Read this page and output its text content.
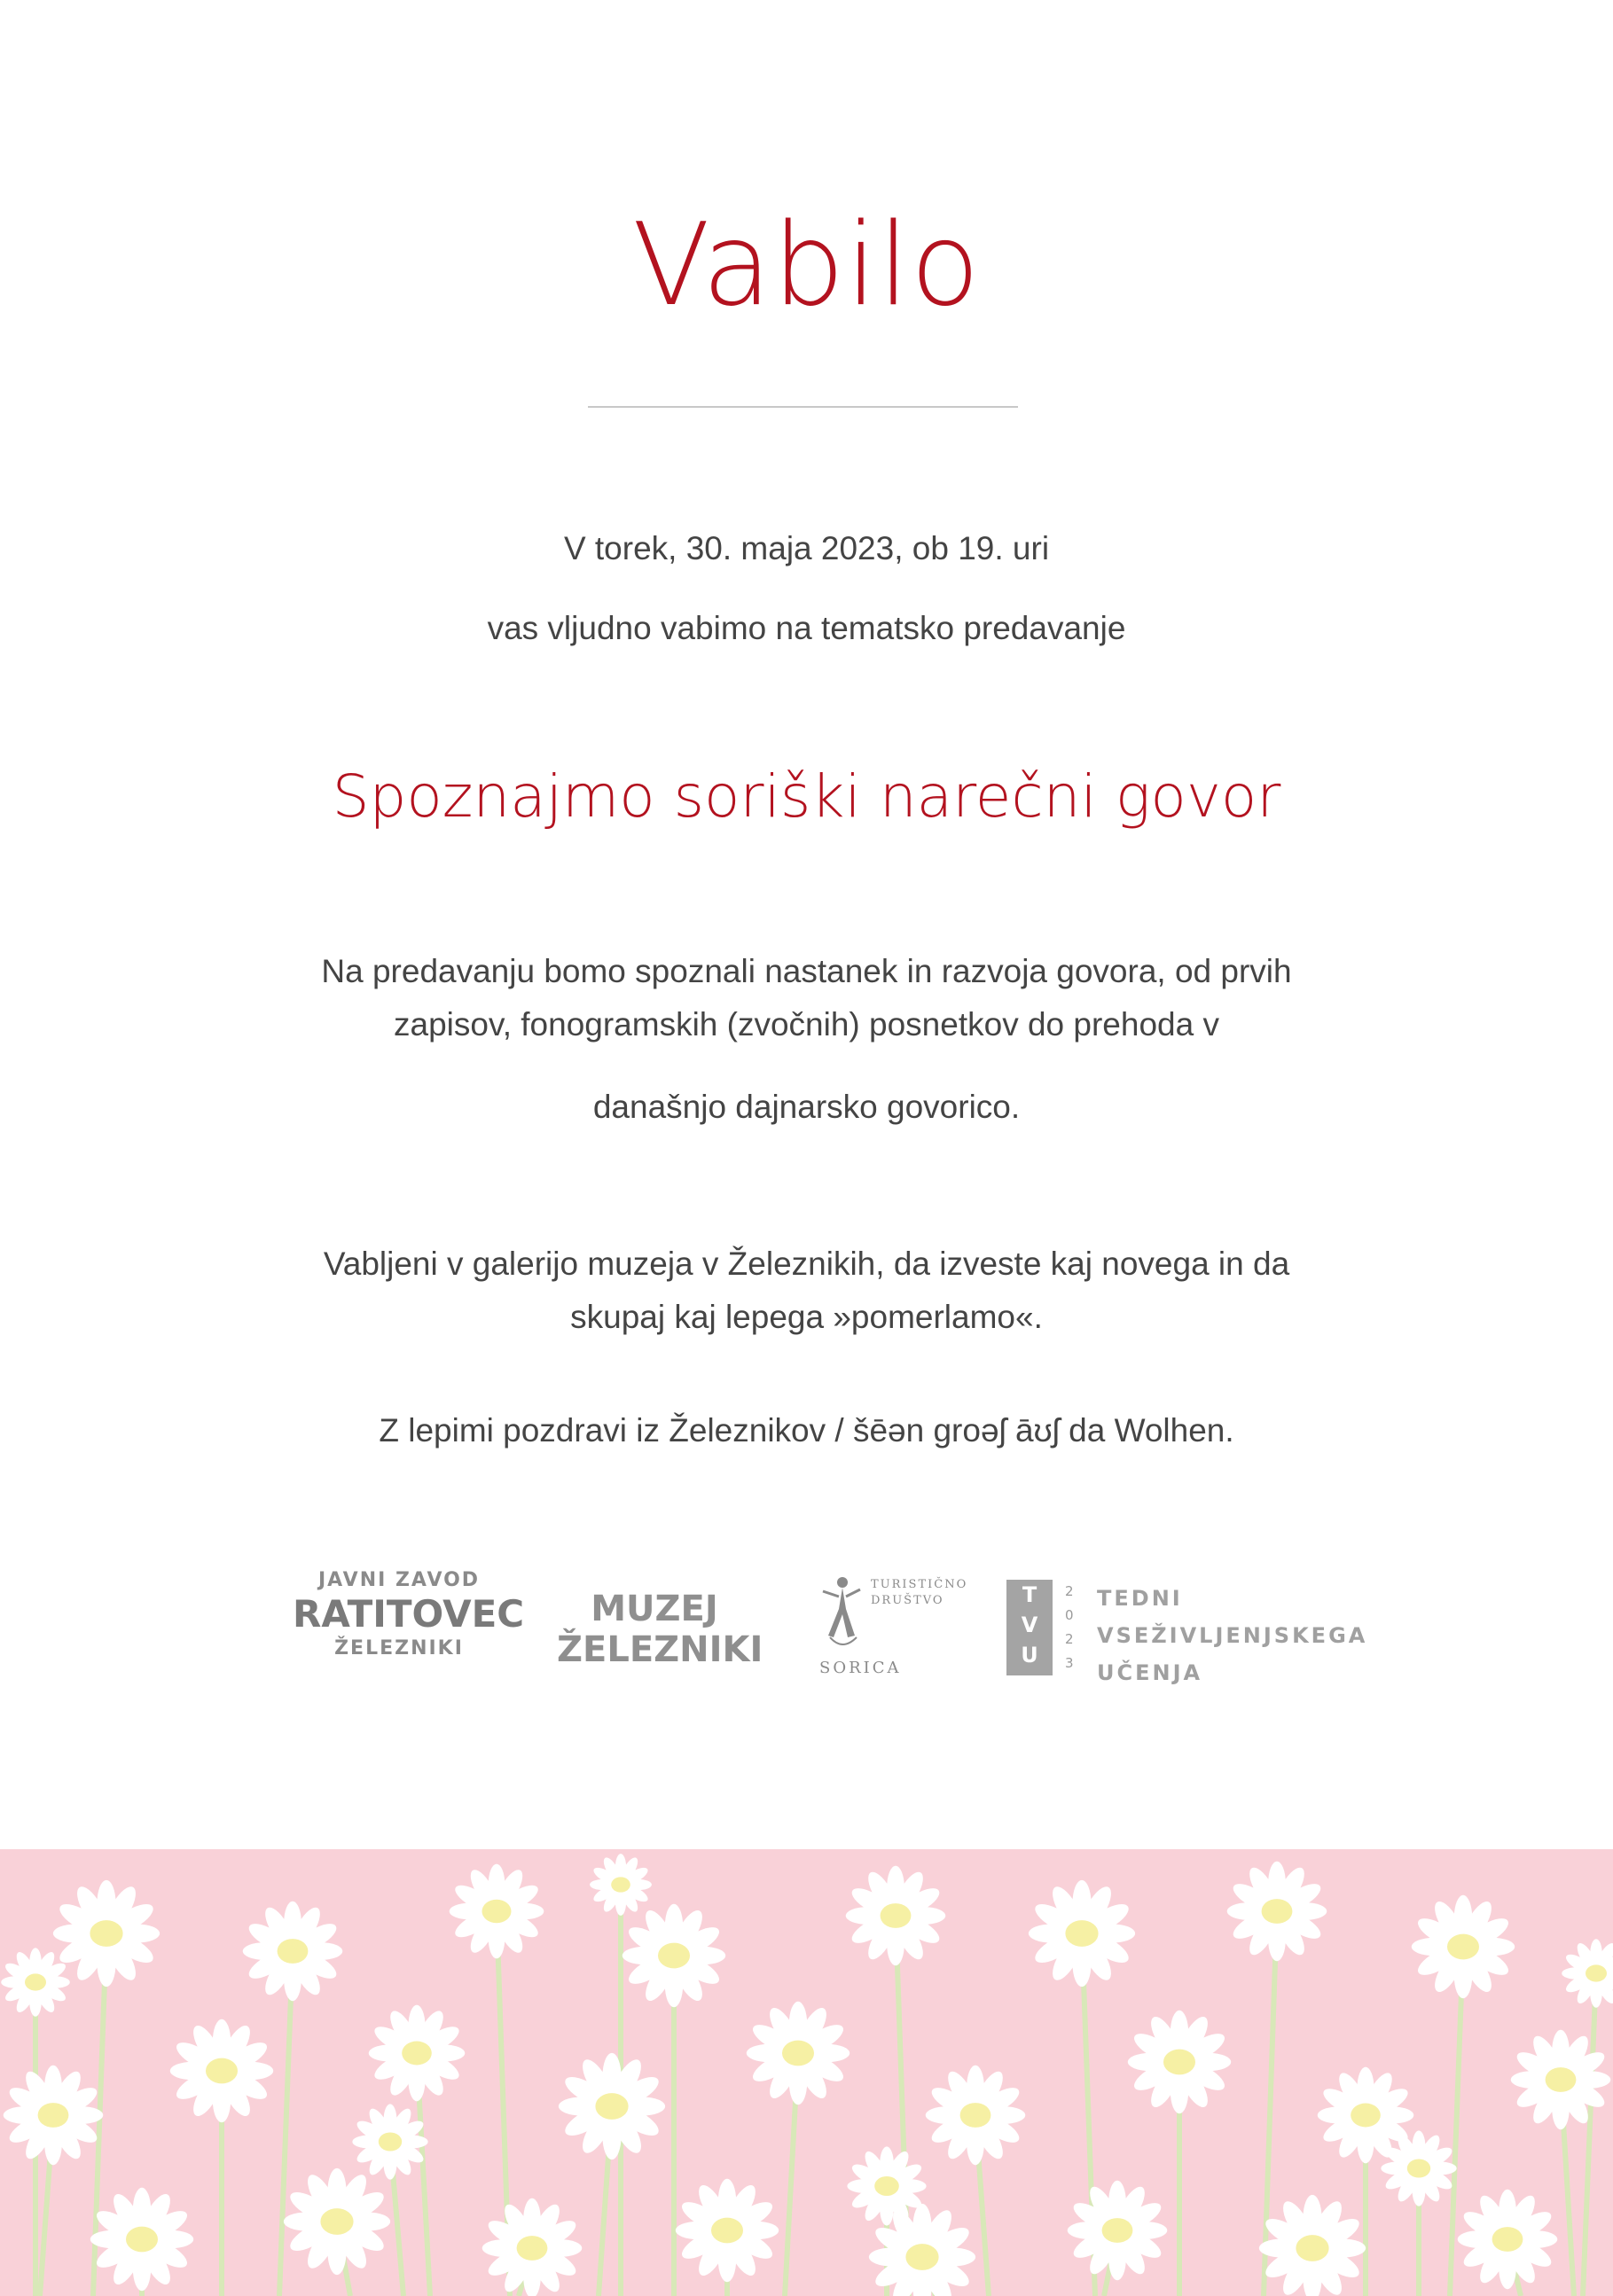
Vabilo
V torek, 30. maja 2023, ob 19. uri
vas vljudno vabimo na tematsko predavanje
Spoznajmo soriški narečni govor
Na predavanju bomo spoznali nastanek in razvoja govora, od prvih
zapisov, fonogramskih (zvočnih) posnetkov do prehoda v
današnjo dajnarsko govorico.
Vabljeni v galerijo muzeja v Železnikih, da izveste kaj novega in da
skupaj kaj lepega »pomerlamo«.
Z lepimi pozdravi iz Železnikov / šēən groəʃ āʊʃ da Wolhen.
JAVNI ZAVOD
RATITOVEC
ŽELEZNIKI
MUZEJ
ŽELEZNIKI
TURISTIČNO
DRUŠTVO
SORICA
T
V
U
2
0
2
3
TEDNI
VSEŽIVLJENJSKEGA
UČENJA
